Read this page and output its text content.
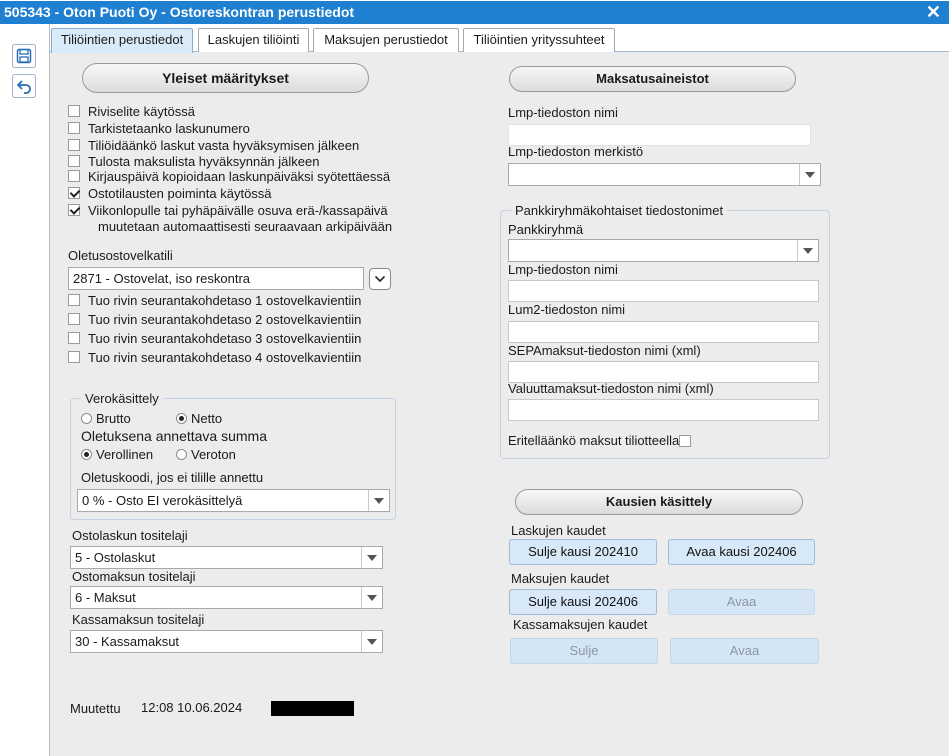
505343 - Oton Puoti Oy - Ostoreskontran perustiedot	✕
Tiliöintien perustiedot	Laskujen tiliöinti	Maksujen perustiedot	Tiliöintien yrityssuhteet
Yleiset määritykset
Riviselite käytössä
Tarkistetaanko laskunumero
Tiliöidäänkö laskut vasta hyväksymisen jälkeen
Tulosta maksulista hyväksynnän jälkeen
Kirjauspäivä kopioidaan laskunpäiväksi syötettäessä
Ostotilausten poiminta käytössä
Viikonlopulle tai pyhäpäivälle osuva erä-/kassapäivä
muutetaan automaattisesti seuraavaan arkipäivään
Oletusostovelkatili
2871 - Ostovelat, iso reskontra
Tuo rivin seurantakohdetaso 1 ostovelkavientiin
Tuo rivin seurantakohdetaso 2 ostovelkavientiin
Tuo rivin seurantakohdetaso 3 ostovelkavientiin
Tuo rivin seurantakohdetaso 4 ostovelkavientiin
Verokäsittely
Brutto	Netto
Oletuksena annettava summa
Verollinen	Veroton
Oletuskoodi, jos ei tilille annettu
0 % - Osto EI verokäsittelyä
Ostolaskun tositelaji
5 - Ostolaskut
Ostomaksun tositelaji
6 - Maksut
Kassamaksun tositelaji
30 - Kassamaksut
Muutettu 12:08 10.06.2024
Maksatusaineistot
Lmp-tiedoston nimi
Lmp-tiedoston merkistö
Pankkiryhmäkohtaiset tiedostonimet
Pankkiryhmä
Lmp-tiedoston nimi
Lum2-tiedoston nimi
SEPAmaksut-tiedoston nimi (xml)
Valuuttamaksut-tiedoston nimi (xml)
Eritelläänkö maksut tiliotteella
Kausien käsittely
Laskujen kaudet
Sulje kausi 202410	Avaa kausi 202406
Maksujen kaudet
Sulje kausi 202406	Avaa
Kassamaksujen kaudet
Sulje	Avaa
